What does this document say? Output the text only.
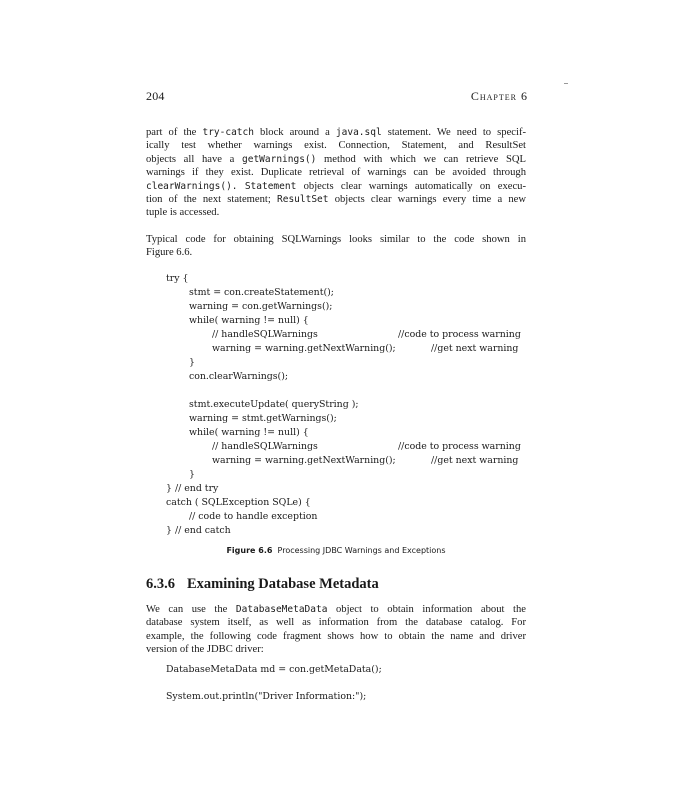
204	Chapter 6
part of the try-catch block around a java.sql statement. We need to specif-
ically test whether warnings exist. Connection, Statement, and ResultSet
objects all have a getWarnings() method with which we can retrieve SQL
warnings if they exist. Duplicate retrieval of warnings can be avoided through
clearWarnings(). Statement objects clear warnings automatically on execu-
tion of the next statement; ResultSet objects clear warnings every time a new
tuple is accessed.
Typical code for obtaining SQLWarnings looks similar to the code shown in
Figure 6.6.
try {
stmt = con.createStatement();
warning = con.getWarnings();
while( warning != null) {
// handleSQLWarnings	//code to process warning
warning = warning.getNextWarning();	//get next warning
}
con.clearWarnings();
stmt.executeUpdate( queryString );
warning = stmt.getWarnings();
while( warning != null) {
// handleSQLWarnings	//code to process warning
warning = warning.getNextWarning();	//get next warning
}
} // end try
catch ( SQLException SQLe) {
// code to handle exception
} // end catch
Figure 6.6 Processing JDBC Warnings and Exceptions
6.3.6 Examining Database Metadata
We can use the DatabaseMetaData object to obtain information about the
database system itself, as well as information from the database catalog. For
example, the following code fragment shows how to obtain the name and driver
version of the JDBC driver:
DatabaseMetaData md = con.getMetaData();
System.out.println("Driver Information:");
